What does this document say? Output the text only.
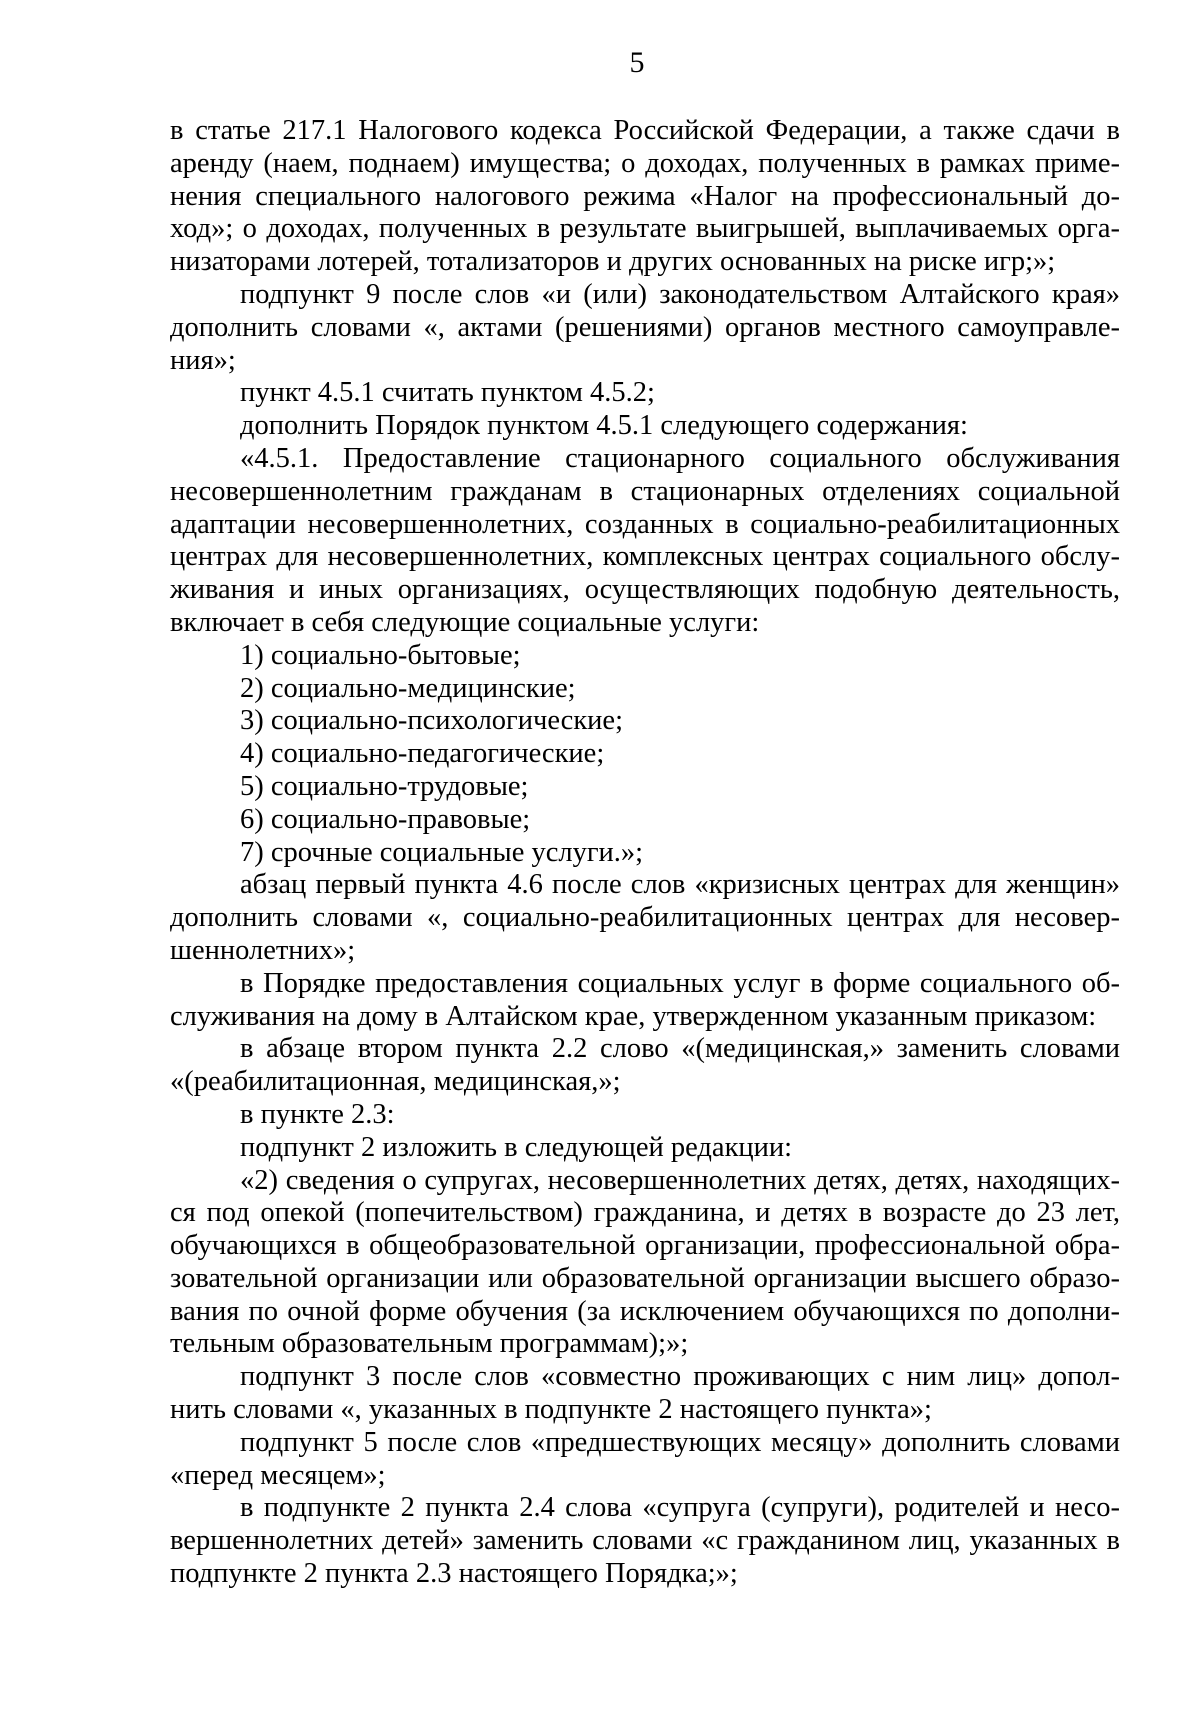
5

в статье 217.1 Налогового кодекса Российской Федерации, а также сдачи в аренду (наем, поднаем) имущества; о доходах, полученных в рамках применения специального налогового режима «Налог на профессиональный доход»; о доходах, полученных в результате выигрышей, выплачиваемых организаторами лотерей, тотализаторов и других основанных на риске игр;»;

подпункт 9 после слов «и (или) законодательством Алтайского края» дополнить словами «, актами (решениями) органов местного самоуправления»;

пункт 4.5.1 считать пунктом 4.5.2;

дополнить Порядок пунктом 4.5.1 следующего содержания:

«4.5.1. Предоставление стационарного социального обслуживания несовершеннолетним гражданам в стационарных отделениях социальной адаптации несовершеннолетних, созданных в социально-реабилитационных центрах для несовершеннолетних, комплексных центрах социального обслуживания и иных организациях, осуществляющих подобную деятельность, включает в себя следующие социальные услуги:

1) социально-бытовые;

2) социально-медицинские;

3) социально-психологические;

4) социально-педагогические;

5) социально-трудовые;

6) социально-правовые;

7) срочные социальные услуги.»;

абзац первый пункта 4.6 после слов «кризисных центрах для женщин» дополнить словами «, социально-реабилитационных центрах для несовершеннолетних»;

в Порядке предоставления социальных услуг в форме социального обслуживания на дому в Алтайском крае, утвержденном указанным приказом:

в абзаце втором пункта 2.2 слово «(медицинская,» заменить словами «(реабилитационная, медицинская,»;

в пункте 2.3:

подпункт 2 изложить в следующей редакции:

«2) сведения о супругах, несовершеннолетних детях, детях, находящихся под опекой (попечительством) гражданина, и детях в возрасте до 23 лет, обучающихся в общеобразовательной организации, профессиональной образовательной организации или образовательной организации высшего образования по очной форме обучения (за исключением обучающихся по дополнительным образовательным программам);»;

подпункт 3 после слов «совместно проживающих с ним лиц» дополнить словами «, указанных в подпункте 2 настоящего пункта»;

подпункт 5 после слов «предшествующих месяцу» дополнить словами «перед месяцем»;

в подпункте 2 пункта 2.4 слова «супруга (супруги), родителей и несовершеннолетних детей» заменить словами «с гражданином лиц, указанных в подпункте 2 пункта 2.3 настоящего Порядка;»;
